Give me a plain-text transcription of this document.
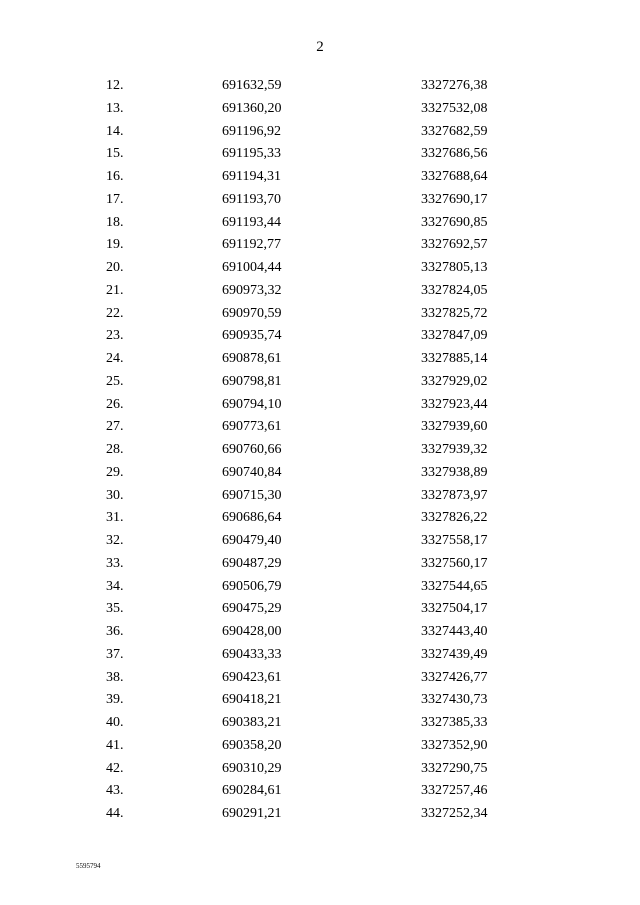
2
12.	691632,59	3327276,38
13.	691360,20	3327532,08
14.	691196,92	3327682,59
15.	691195,33	3327686,56
16.	691194,31	3327688,64
17.	691193,70	3327690,17
18.	691193,44	3327690,85
19.	691192,77	3327692,57
20.	691004,44	3327805,13
21.	690973,32	3327824,05
22.	690970,59	3327825,72
23.	690935,74	3327847,09
24.	690878,61	3327885,14
25.	690798,81	3327929,02
26.	690794,10	3327923,44
27.	690773,61	3327939,60
28.	690760,66	3327939,32
29.	690740,84	3327938,89
30.	690715,30	3327873,97
31.	690686,64	3327826,22
32.	690479,40	3327558,17
33.	690487,29	3327560,17
34.	690506,79	3327544,65
35.	690475,29	3327504,17
36.	690428,00	3327443,40
37.	690433,33	3327439,49
38.	690423,61	3327426,77
39.	690418,21	3327430,73
40.	690383,21	3327385,33
41.	690358,20	3327352,90
42.	690310,29	3327290,75
43.	690284,61	3327257,46
44.	690291,21	3327252,34
5595794
